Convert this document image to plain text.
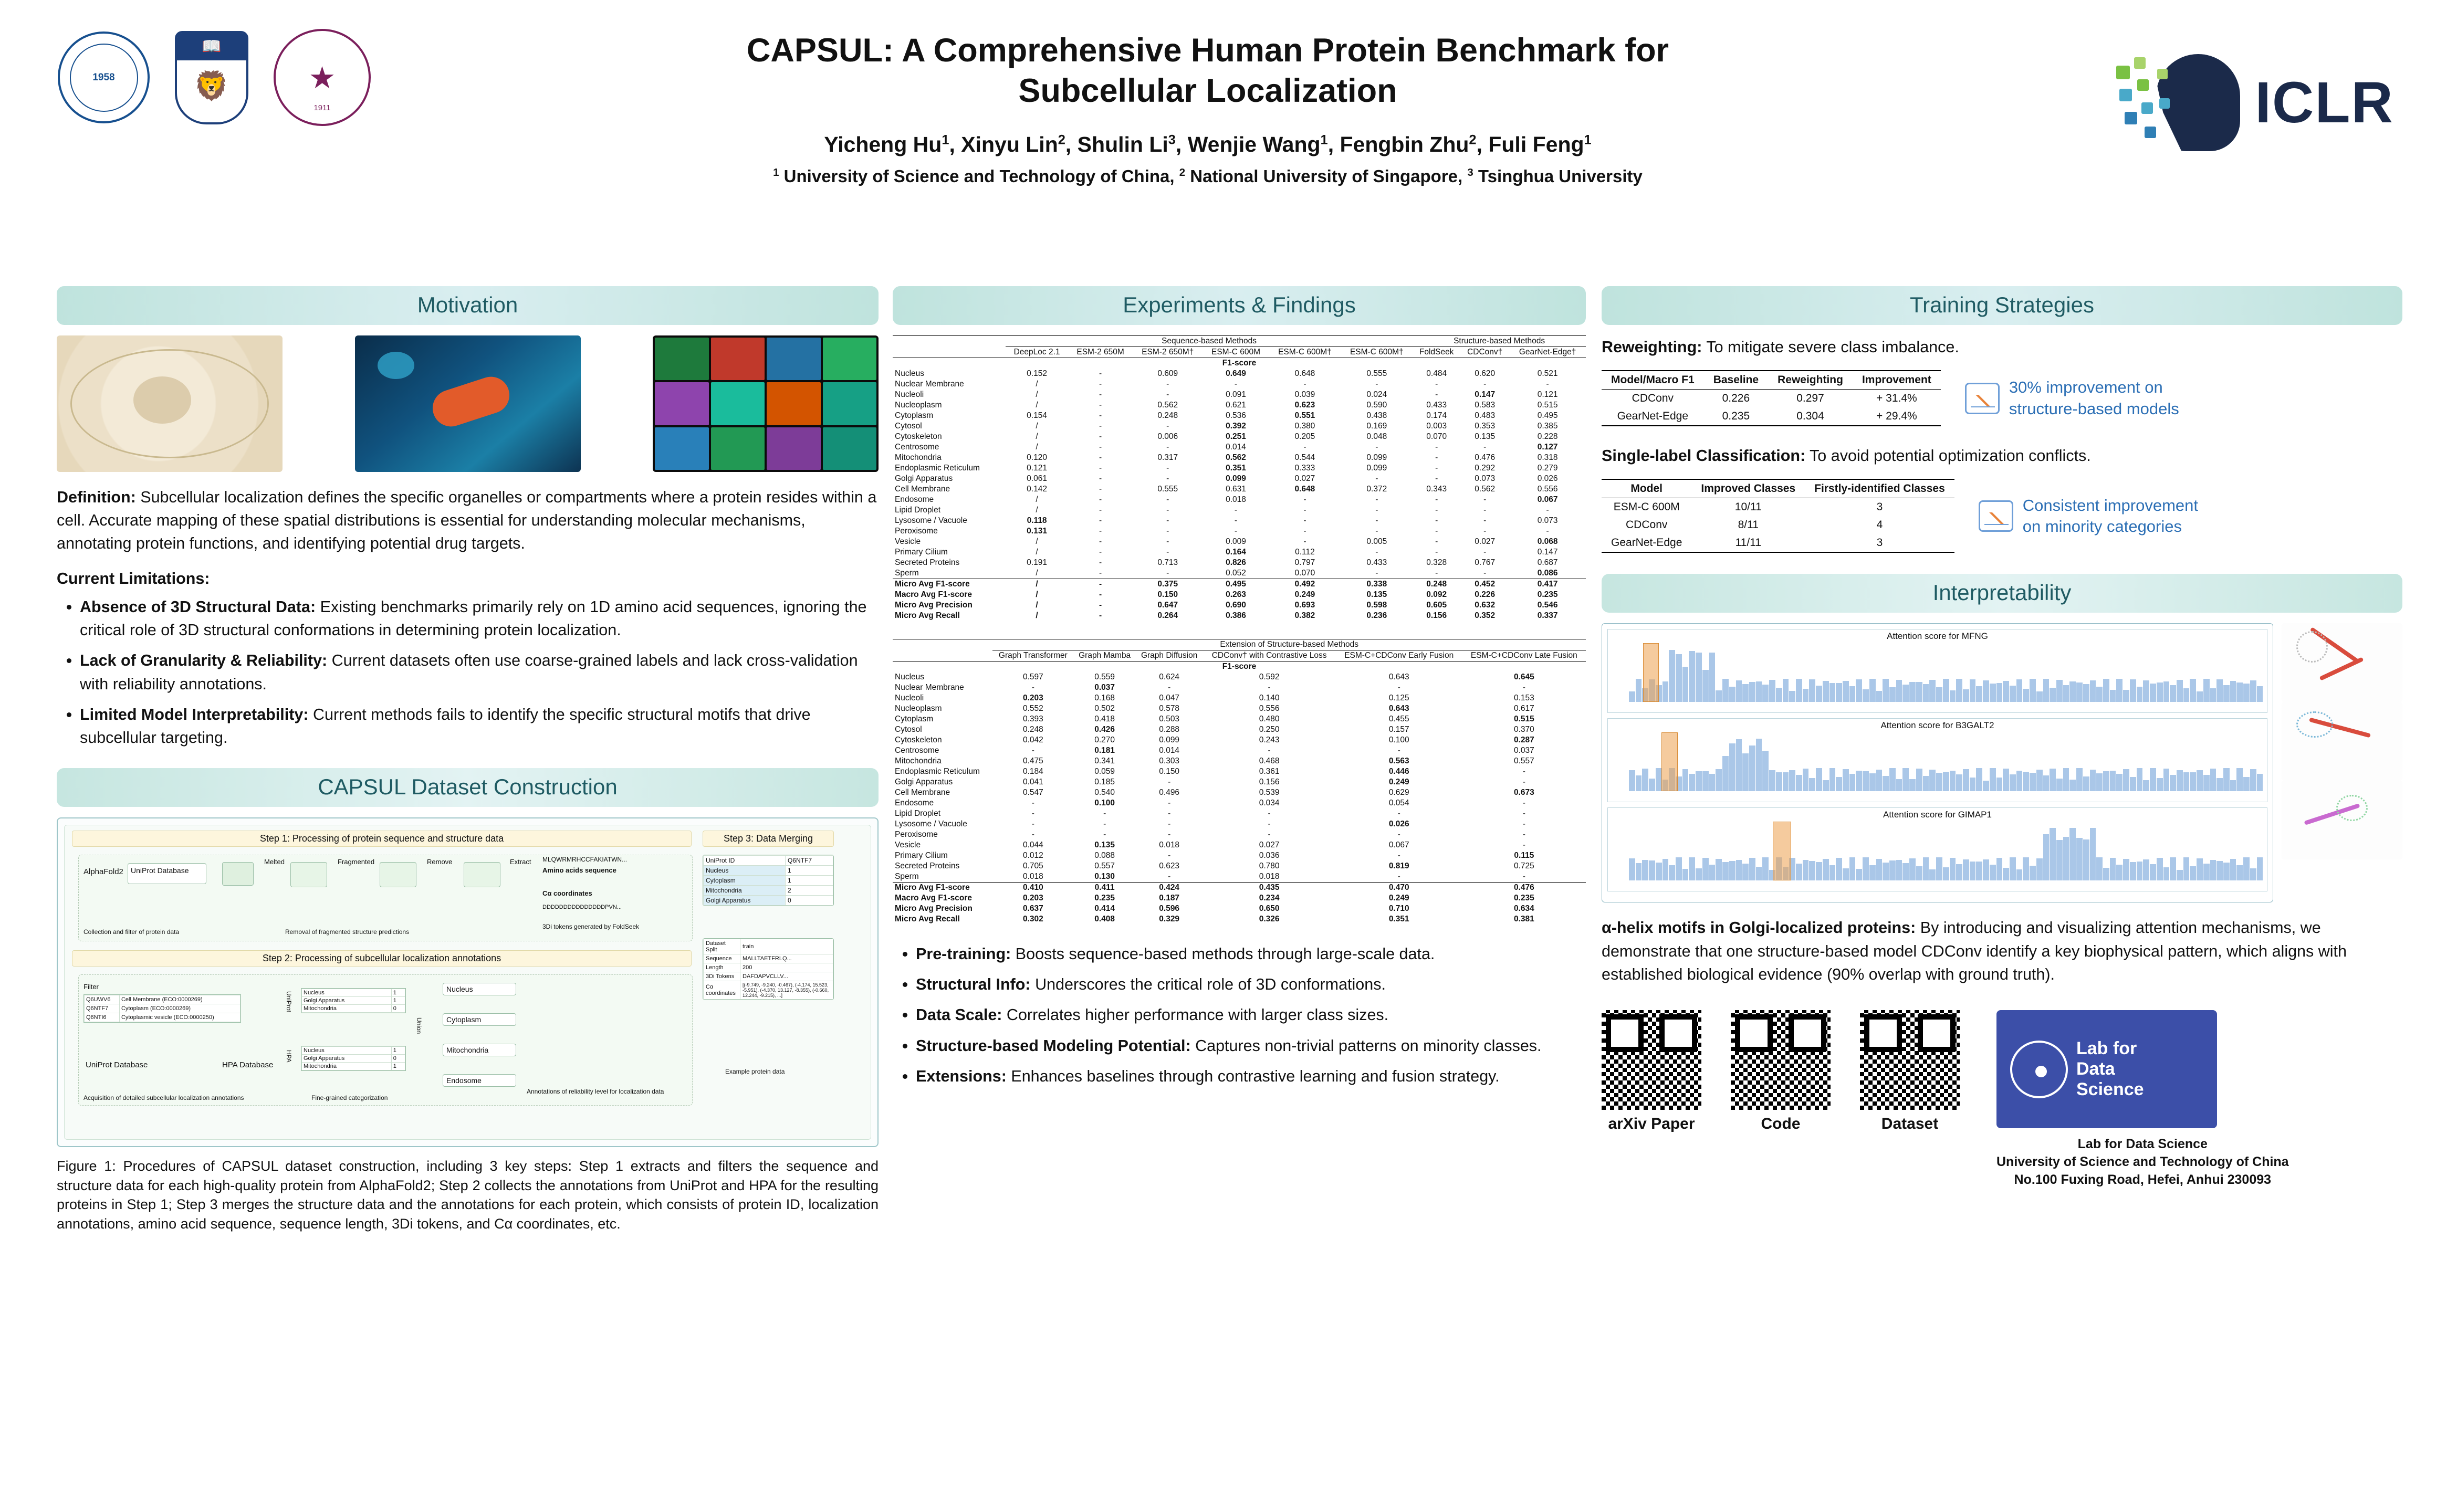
1958
📖
🦁	★
1911
CAPSUL: A Comprehensive Human Protein Benchmark for
Subcellular Localization
Yicheng Hu$^1$, Xinyu Lin$^2$, Shulin Li$^3$, Wenjie Wang$^1$, Fengbin Zhu$^2$, Fuli Feng$^1$
$^1$ University of Science and Technology of China, $^2$ National University of Singapore, $^3$ Tsinghua University
ICLR
Motivation
Definition: Subcellular localization defines the specific organelles or compartments where a protein resides within a cell. Accurate mapping of these spatial distributions is essential for understanding molecular mechanisms, annotating protein functions, and identifying potential drug targets.
Current Limitations:
• Absence of 3D Structural Data: Existing benchmarks primarily rely on 1D amino acid sequences, ignoring the critical role of 3D structural conformations in determining protein localization.
• Lack of Granularity & Reliability: Current datasets often use coarse-grained labels and lack cross-validation with reliability annotations.
• Limited Model Interpretability: Current methods fails to identify the specific structural motifs that drive subcellular targeting.
CAPSUL Dataset Construction
Step 1: Processing of protein sequence and structure data
AlphaFold2	UniProt Database
Melted	Fragmented	Remove	Extract MLQWRMRHCCFAKIATWN...
Amino acids sequence
Cα coordinates
DDDDDDDDDDDDDDDPVN...
3Di tokens generated by FoldSeek
Collection and filter of protein data	Removal of fragmented structure predictions
Step 3: Data Merging
UniProt ID	Q6NTF7
Nucleus	1
Cytoplasm	1
Mitochondria	2
Golgi Apparatus	0
Dataset Split	train
Sequence	MALLTAETFRLQ...
Length	200
3Di Tokens	DAFDAPVCLLV...
Cα coordinates	[(-9.749, -9.240, -0.467), (-4.174, 15.523, -5.951), (-4.370, 13.127, -8.355), (-0.660, 12.244, -9.215), ...]
Example protein data
Step 2: Processing of subcellular localization annotations
Filter
Q6UWV6	Cell Membrane (ECO:0000269)
Q6NTF7	Cytoplasm (ECO:0000269)
Q6NTI6	Cytoplasmic vesicle (ECO:0000250)
UniProt Database	HPA Database
UniProt
HPA
Nucleus	1
Golgi Apparatus	1
Mitochondria	0
Nucleus	1
Golgi Apparatus	0
Mitochondria	1
Union
Nucleus
Cytoplasm
Mitochondria
Endosome
Acquisition of detailed subcellular localization annotations	Fine-grained categorization
Annotations of reliability level for localization data
Figure 1: Procedures of CAPSUL dataset construction, including 3 key steps: Step 1 extracts and filters the sequence and structure data for each high-quality protein from AlphaFold2; Step 2 collects the annotations from UniProt and HPA for the resulting proteins in Step 1; Step 3 merges the structure data and the annotations for each protein, which consists of protein ID, localization annotations, amino acid sequence, sequence length, 3Di tokens, and Cα coordinates, etc.
Experiments & Findings
	Sequence-based Methods						Structure-based Methods		
	DeepLoc 2.1	ESM-2 650M	ESM-2 650M†	ESM-C 600M	ESM-C 600M†	ESM-C 600M†	FoldSeek	CDConv†	GearNet-Edge†
F1-score									
Nucleus	0.152	-	0.609	0.649	0.648	0.555	0.484	0.620	0.521
Nuclear Membrane	/	-	-	-	-	-	-	-	-
Nucleoli	/	-	-	0.091	0.039	0.024	-	0.147	0.121
Nucleoplasm	/	-	0.562	0.621	0.623	0.590	0.433	0.583	0.515
Cytoplasm	0.154	-	0.248	0.536	0.551	0.438	0.174	0.483	0.495
Cytosol	/	-	-	0.392	0.380	0.169	0.003	0.353	0.385
Cytoskeleton	/	-	0.006	0.251	0.205	0.048	0.070	0.135	0.228
Centrosome	/	-	-	0.014	-	-	-	-	0.127
Mitochondria	0.120	-	0.317	0.562	0.544	0.099	-	0.476	0.318
Endoplasmic Reticulum	0.121	-	-	0.351	0.333	0.099	-	0.292	0.279
Golgi Apparatus	0.061	-	-	0.099	0.027	-	-	0.073	0.026
Cell Membrane	0.142	-	0.555	0.631	0.648	0.372	0.343	0.562	0.556
Endosome	/	-	-	0.018	-	-	-	-	0.067
Lipid Droplet	/	-	-	-	-	-	-	-	-
Lysosome / Vacuole	0.118	-	-	-	-	-	-	-	0.073
Peroxisome	0.131	-	-	-	-	-	-	-	-
Vesicle	/	-	-	0.009	-	0.005	-	0.027	0.068
Primary Cilium	/	-	-	0.164	0.112	-	-	-	0.147
Secreted Proteins	0.191	-	0.713	0.826	0.797	0.433	0.328	0.767	0.687
Sperm	/	-	-	0.052	0.070	-	-	-	0.086
Micro Avg F1-score	/	-	0.375	0.495	0.492	0.338	0.248	0.452	0.417
Macro Avg F1-score	/	-	0.150	0.263	0.249	0.135	0.092	0.226	0.235
Micro Avg Precision	/	-	0.647	0.690	0.693	0.598	0.605	0.632	0.546
Micro Avg Recall	/	-	0.264	0.386	0.382	0.236	0.156	0.352	0.337
	Extension of Structure-based Methods					
	Graph Transformer	Graph Mamba	Graph Diffusion	CDConv† with Contrastive Loss	ESM-C+CDConv Early Fusion	ESM-C+CDConv Late Fusion
F1-score						
Nucleus	0.597	0.559	0.624	0.592	0.643	0.645
Nuclear Membrane	-	0.037	-	-	-	-
Nucleoli	0.203	0.168	0.047	0.140	0.125	0.153
Nucleoplasm	0.552	0.502	0.578	0.556	0.643	0.617
Cytoplasm	0.393	0.418	0.503	0.480	0.455	0.515
Cytosol	0.248	0.426	0.288	0.250	0.157	0.370
Cytoskeleton	0.042	0.270	0.099	0.243	0.100	0.287
Centrosome	-	0.181	0.014	-	-	0.037
Mitochondria	0.475	0.341	0.303	0.468	0.563	0.557
Endoplasmic Reticulum	0.184	0.059	0.150	0.361	0.446	-
Golgi Apparatus	0.041	0.185	-	0.156	0.249	-
Cell Membrane	0.547	0.540	0.496	0.539	0.629	0.673
Endosome	-	0.100	-	0.034	0.054	-
Lipid Droplet	-	-	-	-	-	-
Lysosome / Vacuole	-	-	-	-	0.026	-
Peroxisome	-	-	-	-	-	-
Vesicle	0.044	0.135	0.018	0.027	0.067	-
Primary Cilium	0.012	0.088	-	0.036	-	0.115
Secreted Proteins	0.705	0.557	0.623	0.780	0.819	0.725
Sperm	0.018	0.130	-	0.018	-	-
Micro Avg F1-score	0.410	0.411	0.424	0.435	0.470	0.476
Macro Avg F1-score	0.203	0.235	0.187	0.234	0.249	0.235
Micro Avg Precision	0.637	0.414	0.596	0.650	0.710	0.634
Micro Avg Recall	0.302	0.408	0.329	0.326	0.351	0.381
• Pre-training: Boosts sequence-based methods through large-scale data.
• Structural Info: Underscores the critical role of 3D conformations.
• Data Scale: Correlates higher performance with larger class sizes.
• Structure-based Modeling Potential: Captures non-trivial patterns on minority classes.
• Extensions: Enhances baselines through contrastive learning and fusion strategy.
Training Strategies
Reweighting: To mitigate severe class imbalance.
Model/Macro F1	Baseline	Reweighting	Improvement
CDConv	0.226	0.297	+ 31.4%
GearNet-Edge	0.235	0.304	+ 29.4%
30% improvement on
structure-based models
Single-label Classification: To avoid potential optimization conflicts.
Model	Improved Classes	Firstly-identified Classes
ESM-C 600M	10/11	3
CDConv	8/11	4
GearNet-Edge	11/11	3
Consistent improvement
on minority categories
Interpretability
Attention score for MFNG
Attention score for B3GALT2
Attention score for GIMAP1
α-helix motifs in Golgi-localized proteins: By introducing and visualizing attention mechanisms, we demonstrate that one structure-based model CDConv identify a key biophysical pattern, which aligns with established biological evidence (90% overlap with ground truth).
arXiv Paper	Code	Dataset
Lab for
Data
Science
Lab for Data Science
University of Science and Technology of China
No.100 Fuxing Road, Hefei, Anhui 230093
